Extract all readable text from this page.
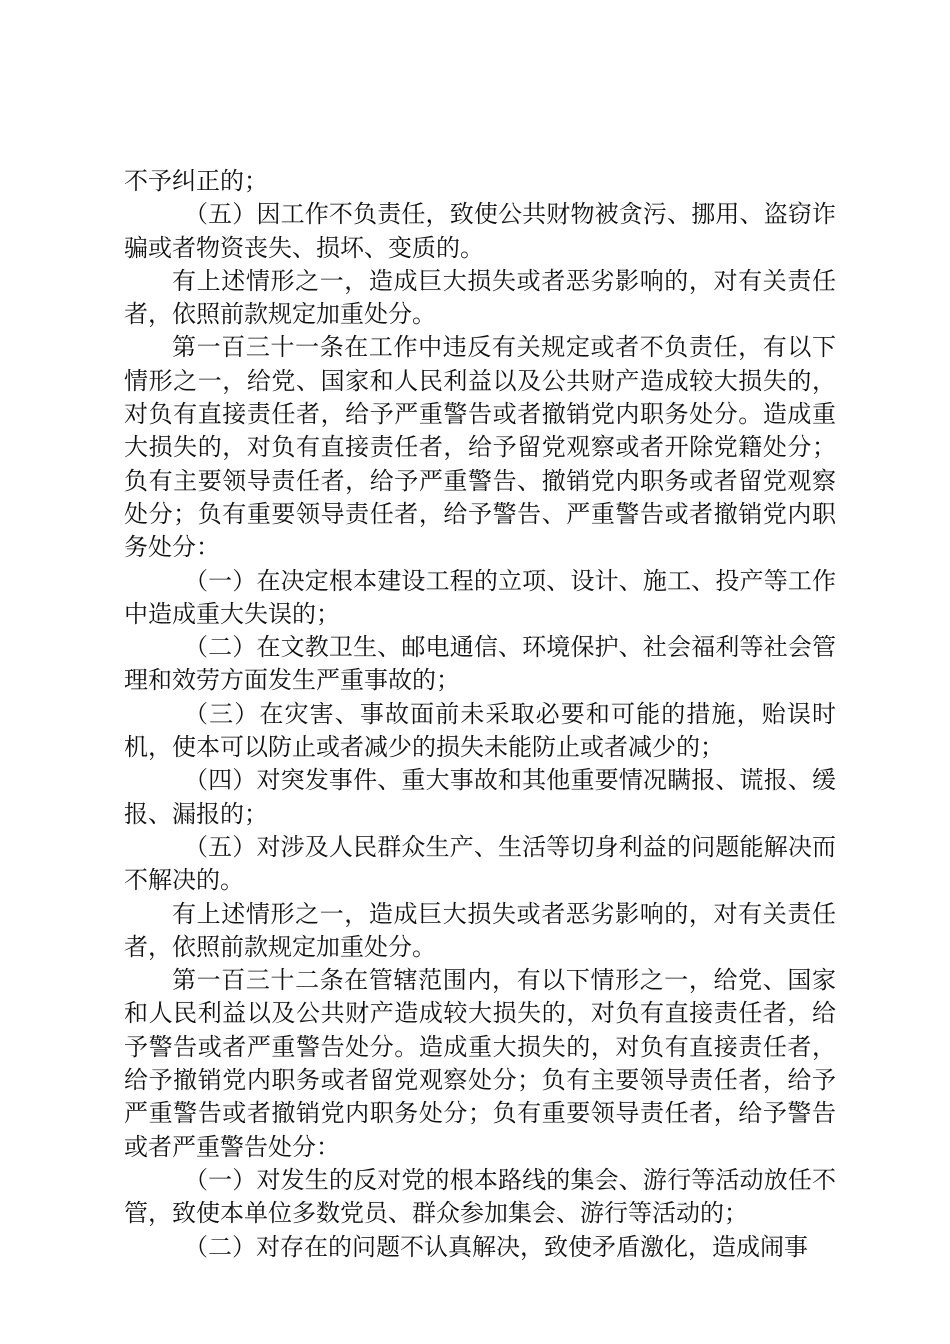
不予纠正的；

（五）因工作不负责任，致使公共财物被贪污、挪用、盗窃诈骗或者物资丧失、损坏、变质的。

有上述情形之一，造成巨大损失或者恶劣影响的，对有关责任者，依照前款规定加重处分。

第一百三十一条在工作中违反有关规定或者不负责任，有以下情形之一，给党、国家和人民利益以及公共财产造成较大损失的，对负有直接责任者，给予严重警告或者撤销党内职务处分。造成重大损失的，对负有直接责任者，给予留党观察或者开除党籍处分；负有主要领导责任者，给予严重警告、撤销党内职务或者留党观察处分；负有重要领导责任者，给予警告、严重警告或者撤销党内职务处分：

（一）在决定根本建设工程的立项、设计、施工、投产等工作中造成重大失误的；

（二）在文教卫生、邮电通信、环境保护、社会福利等社会管理和效劳方面发生严重事故的；

（三）在灾害、事故面前未采取必要和可能的措施，贻误时机，使本可以防止或者减少的损失未能防止或者减少的；

（四）对突发事件、重大事故和其他重要情况瞒报、谎报、缓报、漏报的；

（五）对涉及人民群众生产、生活等切身利益的问题能解决而不解决的。

有上述情形之一，造成巨大损失或者恶劣影响的，对有关责任者，依照前款规定加重处分。

第一百三十二条在管辖范围内，有以下情形之一，给党、国家和人民利益以及公共财产造成较大损失的，对负有直接责任者，给予警告或者严重警告处分。造成重大损失的，对负有直接责任者，给予撤销党内职务或者留党观察处分；负有主要领导责任者，给予严重警告或者撤销党内职务处分；负有重要领导责任者，给予警告或者严重警告处分：

（一）对发生的反对党的根本路线的集会、游行等活动放任不管，致使本单位多数党员、群众参加集会、游行等活动的；

（二）对存在的问题不认真解决，致使矛盾激化，造成闹事
